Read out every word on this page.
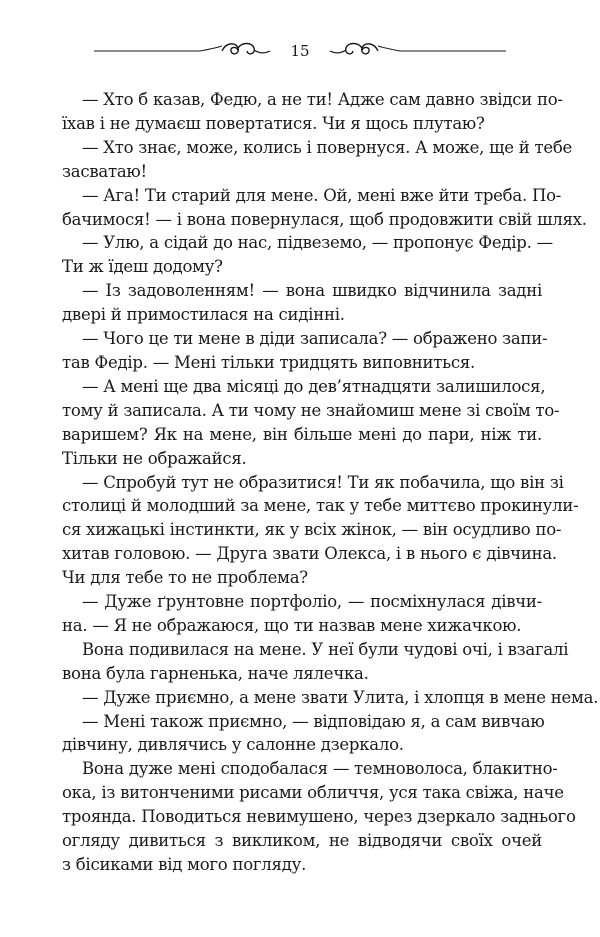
15

— Хто б казав, Федю, а не ти! Адже сам давно звідси по-
їхав і не думаєш повертатися. Чи я щось плутаю?

— Хто знає, може, колись і повернуся. А може, ще й тебе
засватаю!

— Ага! Ти старий для мене. Ой, мені вже йти треба. По-
бачимося! — і вона повернулася, щоб продовжити свій шлях.

— Улю, а сідай до нас, підвеземо, — пропонує Федір. —
Ти ж їдеш додому?

— Із задоволенням! — вона швидко відчинила задні
двері й примостилася на сидінні.

— Чого це ти мене в діди записала? — ображено запи-
тав Федір. — Мені тільки тридцять виповниться.

— А мені ще два місяці до дев’ятнадцяти залишилося,
тому й записала. А ти чому не знайомиш мене зі своїм то-
варишем? Як на мене, він більше мені до пари, ніж ти.
Тільки не ображайся.

— Спробуй тут не образитися! Ти як побачила, що він зі
столиці й молодший за мене, так у тебе миттєво прокинули-
ся хижацькі інстинкти, як у всіх жінок, — він осудливо по-
хитав головою. — Друга звати Олекса, і в нього є дівчина.
Чи для тебе то не проблема?

— Дуже ґрунтовне портфоліо, — посміхнулася дівчи-
на. — Я не ображаюся, що ти назвав мене хижачкою.

Вона подивилася на мене. У неї були чудові очі, і взагалі
вона була гарненька, наче лялечка.

— Дуже приємно, а мене звати Улита, і хлопця в мене нема.

— Мені також приємно, — відповідаю я, а сам вивчаю
дівчину, дивлячись у салонне дзеркало.

Вона дуже мені сподобалася — темноволоса, блакитно-
ока, із витонченими рисами обличчя, уся така свіжа, наче
троянда. Поводиться невимушено, через дзеркало заднього
огляду дивиться з викликом, не відводячи своїх очей
з бісиками від мого погляду.
